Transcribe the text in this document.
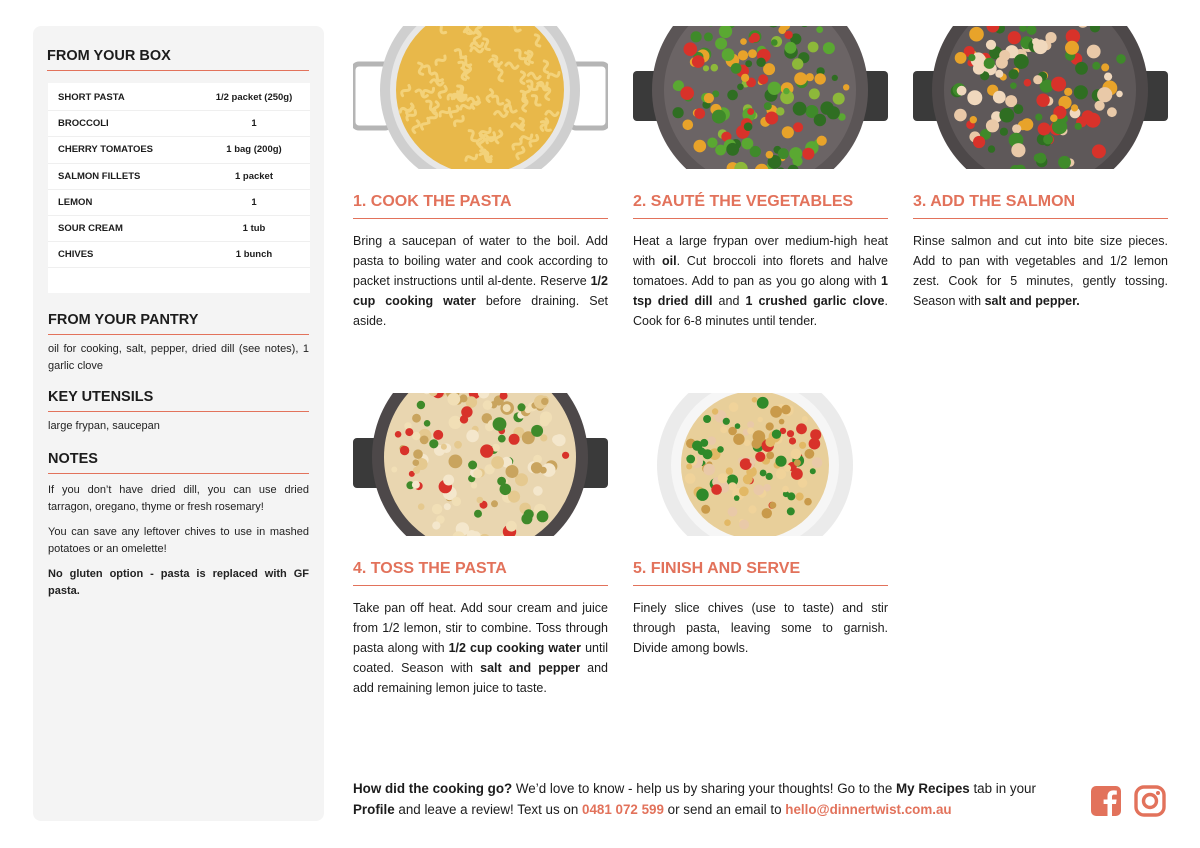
FROM YOUR BOX
SHORT PASTA	1/2 packet (250g)
BROCCOLI	1
CHERRY TOMATOES	1 bag (200g)
SALMON FILLETS	1 packet
LEMON	1
SOUR CREAM	1 tub
CHIVES	1 bunch
FROM YOUR PANTRY
oil for cooking, salt, pepper, dried dill (see notes), 1 garlic clove
KEY UTENSILS
large frypan, saucepan
NOTES
If you don’t have dried dill, you can use dried tarragon, oregano, thyme or fresh rosemary!
You can save any leftover chives to use in mashed potatoes or an omelette!
No gluten option - pasta is replaced with GF pasta.
1. COOK THE PASTA
Bring a saucepan of water to the boil. Add pasta to boiling water and cook according to packet instructions until al-dente. Reserve 1/2 cup cooking water before draining. Set aside.
2. SAUTÉ THE VEGETABLES
Heat a large frypan over medium-high heat with oil. Cut broccoli into florets and halve tomatoes. Add to pan as you go along with 1 tsp dried dill and 1 crushed garlic clove. Cook for 6-8 minutes until tender.
3. ADD THE SALMON
Rinse salmon and cut into bite size pieces. Add to pan with vegetables and 1/2 lemon zest. Cook for 5 minutes, gently tossing. Season with salt and pepper.
4. TOSS THE PASTA
Take pan off heat. Add sour cream and juice from 1/2 lemon, stir to combine. Toss through pasta along with 1/2 cup cooking water until coated. Season with salt and pepper and add remaining lemon juice to taste.
5. FINISH AND SERVE
Finely slice chives (use to taste) and stir through pasta, leaving some to garnish. Divide among bowls.
How did the cooking go? We’d love to know - help us by sharing your thoughts! Go to the My Recipes tab in your Profile and leave a review! Text us on 0481 072 599 or send an email to hello@dinnertwist.com.au
